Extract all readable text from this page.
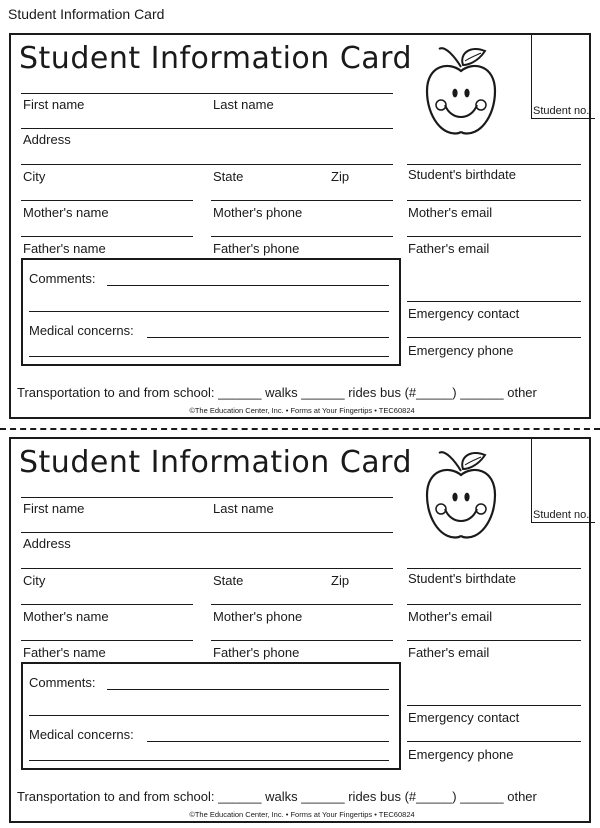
Student Information Card
Student Information Card
Student no.
First name	Last name
Address
City	State	Zip	Student's birthdate
Mother's name	Mother's phone	Mother's email
Father's name	Father's phone	Father's email
Comments:
Medical concerns:
Emergency contact
Emergency phone
Transportation to and from school: ______ walks ______ rides bus (#_____) ______ other
©The Education Center, Inc. • Forms at Your Fingertips • TEC60824
Student Information Card
Student no.
First name	Last name
Address
City	State	Zip	Student's birthdate
Mother's name	Mother's phone	Mother's email
Father's name	Father's phone	Father's email
Comments:
Medical concerns:
Emergency contact
Emergency phone
Transportation to and from school: ______ walks ______ rides bus (#_____) ______ other
©The Education Center, Inc. • Forms at Your Fingertips • TEC60824
